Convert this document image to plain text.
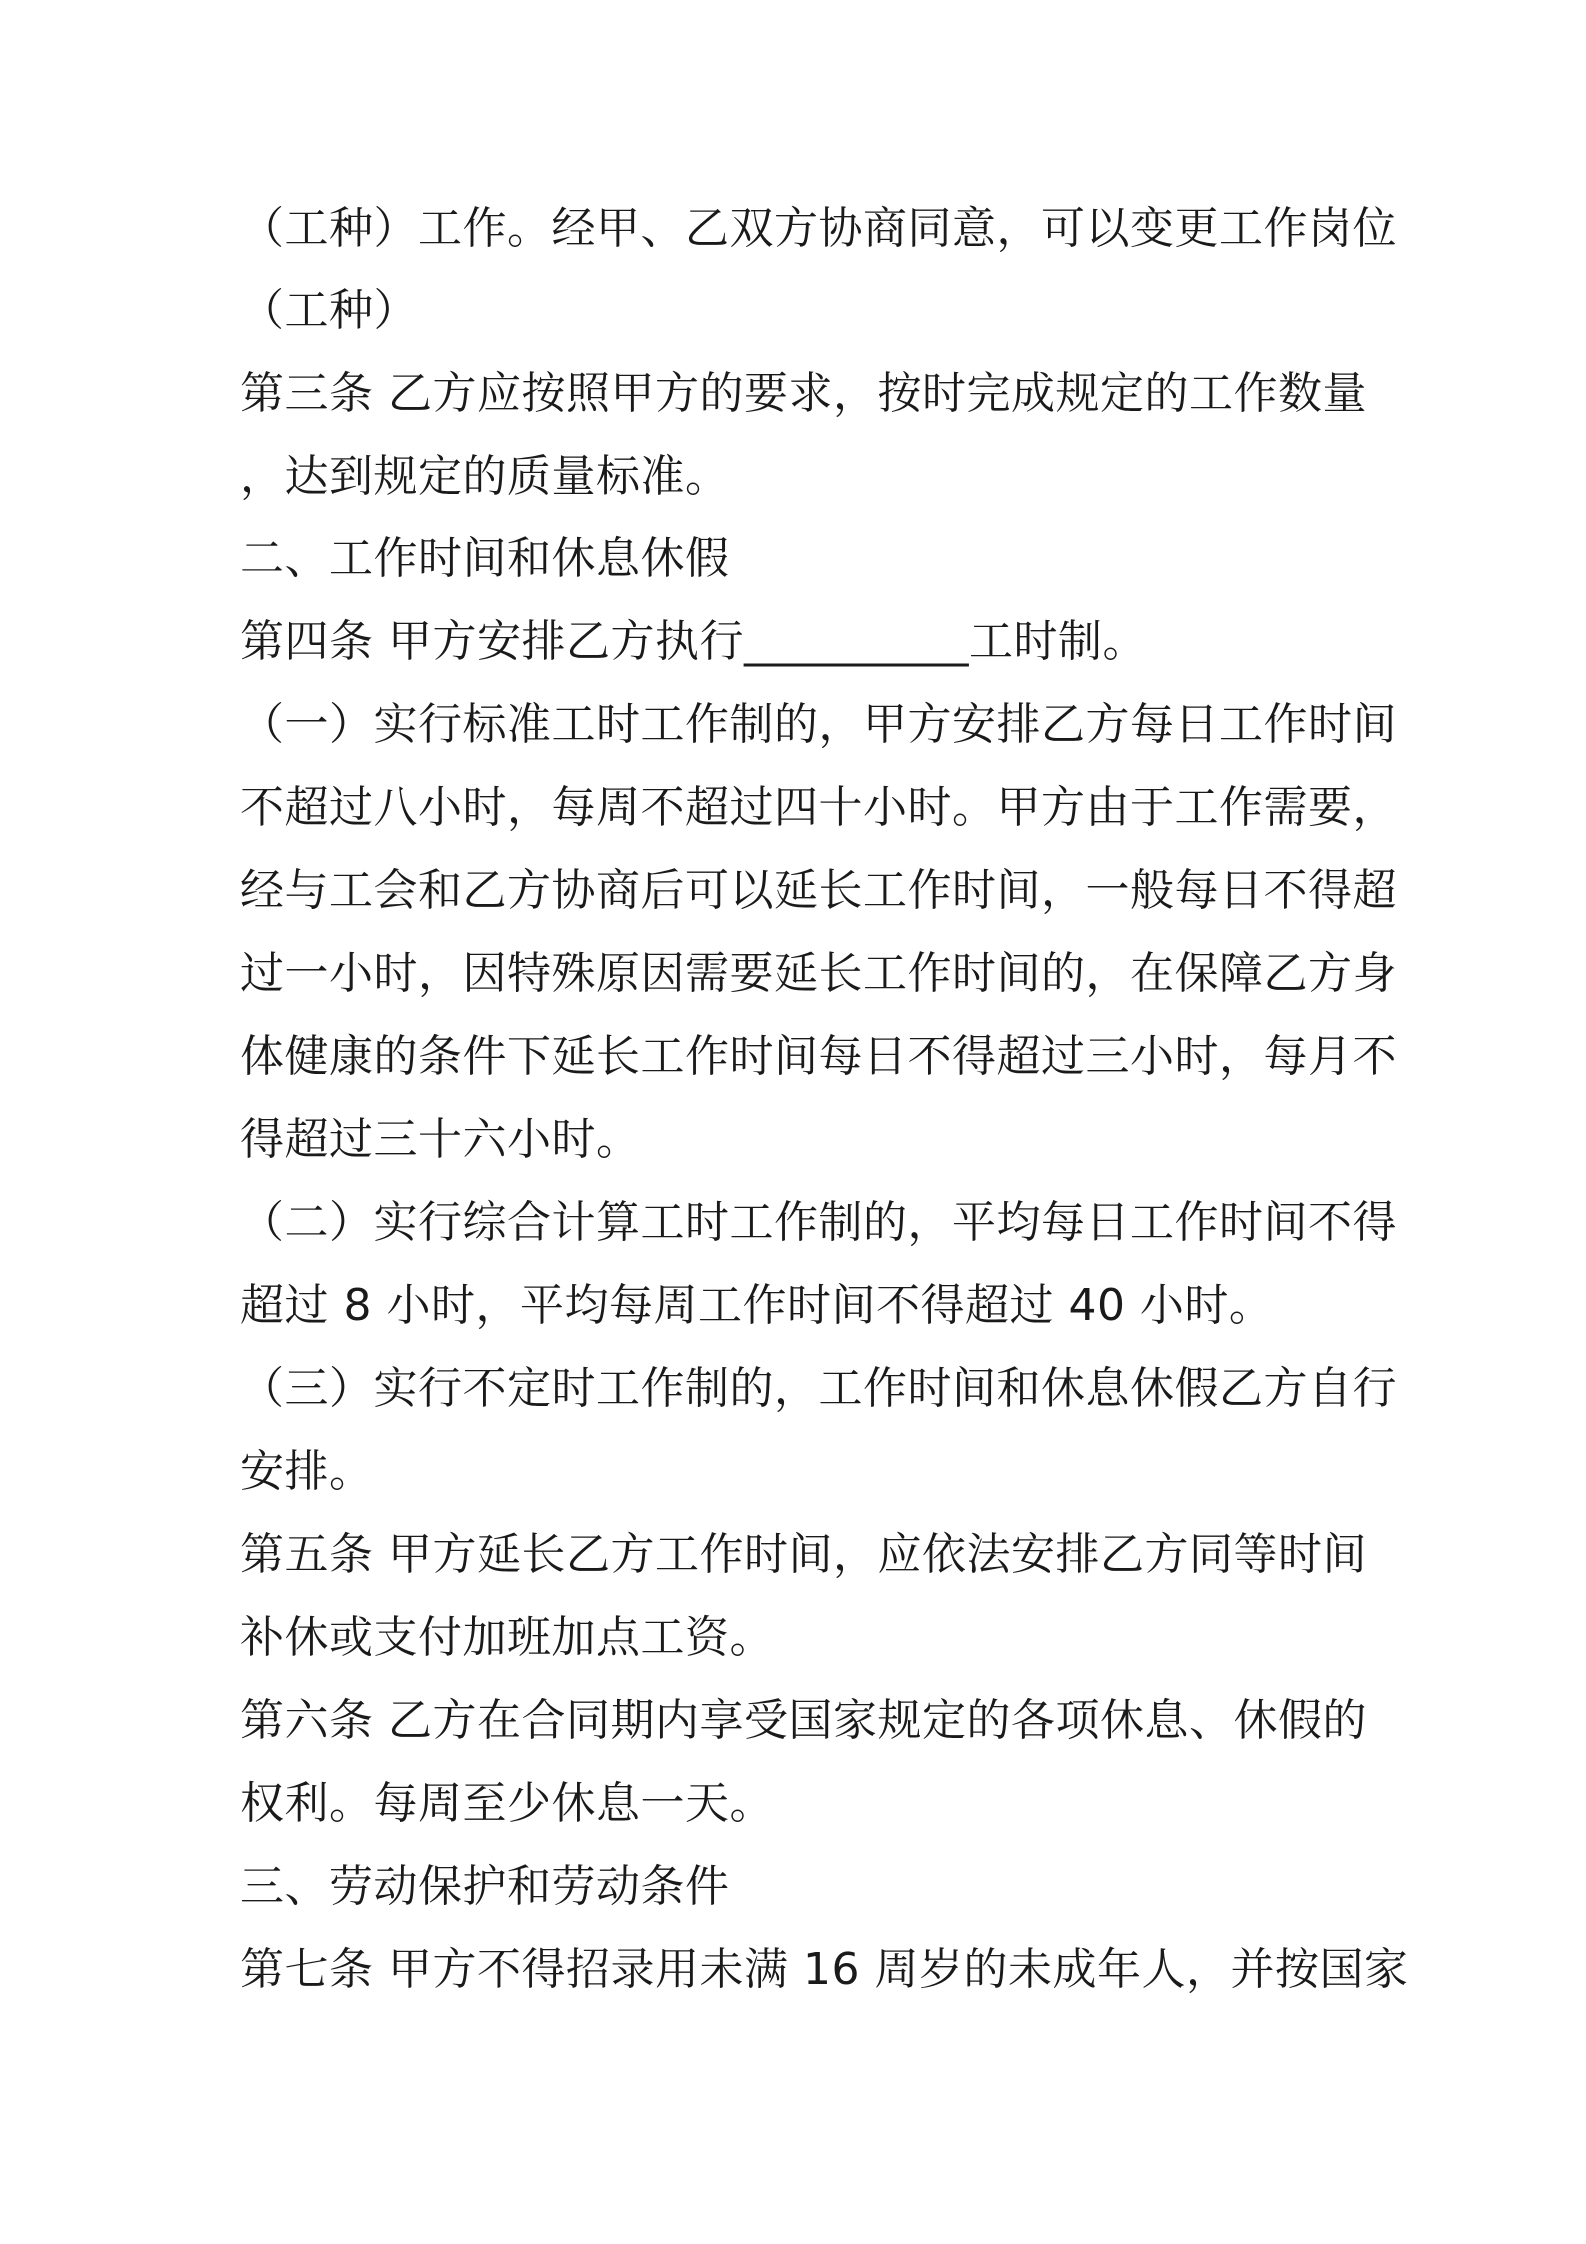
（工种）工作。经甲、乙双方协商同意，可以变更工作岗位
（工种）
第三条 乙方应按照甲方的要求，按时完成规定的工作数量
，达到规定的质量标准。
二、工作时间和休息休假
第四条 甲方安排乙方执行__________工时制。
（一）实行标准工时工作制的，甲方安排乙方每日工作时间
不超过八小时，每周不超过四十小时。甲方由于工作需要，
经与工会和乙方协商后可以延长工作时间，一般每日不得超
过一小时，因特殊原因需要延长工作时间的，在保障乙方身
体健康的条件下延长工作时间每日不得超过三小时，每月不
得超过三十六小时。
（二）实行综合计算工时工作制的，平均每日工作时间不得
超过 8 小时，平均每周工作时间不得超过 40 小时。
（三）实行不定时工作制的，工作时间和休息休假乙方自行
安排。
第五条 甲方延长乙方工作时间，应依法安排乙方同等时间
补休或支付加班加点工资。
第六条 乙方在合同期内享受国家规定的各项休息、休假的
权利。每周至少休息一天。
三、劳动保护和劳动条件
第七条 甲方不得招录用未满 16 周岁的未成年人，并按国家
